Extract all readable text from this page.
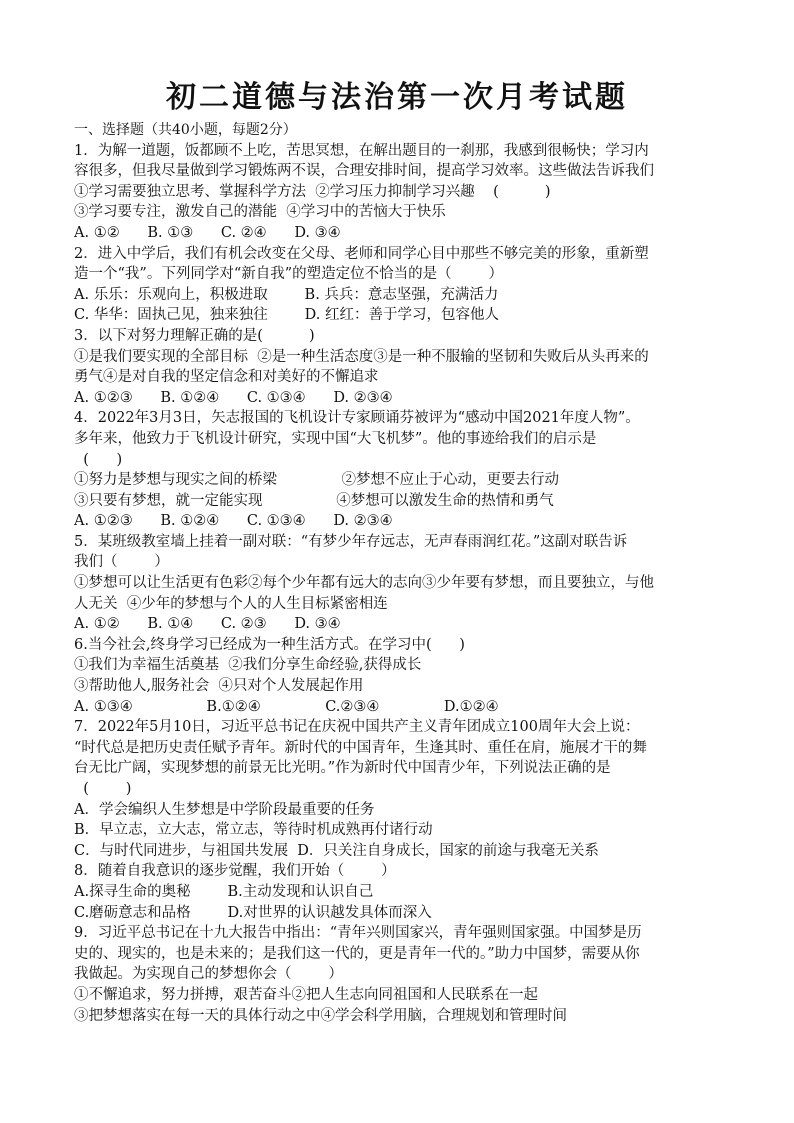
初二道德与法治第一次月考试题
一、选择题（共40小题，每题2分）
1．为解一道题，饭都顾不上吃，苦思冥想，在解出题目的一刹那，我感到很畅快；学习内
容很多，但我尽量做到学习锻炼两不误，合理安排时间，提高学习效率。这些做法告诉我们
①学习需要独立思考、掌握科学方法  ②学习压力抑制学习兴趣    (          )
③学习要专注，激发自己的潜能  ④学习中的苦恼大于快乐
A. ①②      B. ①③      C. ②④      D. ③④
2．进入中学后，我们有机会改变在父母、老师和同学心目中那些不够完美的形象，重新塑
造一个“我”。下列同学对“新自我”的塑造定位不恰当的是（        ）
A. 乐乐：乐观向上，积极进取        B. 兵兵：意志坚强，充满活力
C. 华华：固执己见，独来独往        D. 红红：善于学习，包容他人
3．以下对努力理解正确的是(          )
①是我们要实现的全部目标  ②是一种生活态度③是一种不服输的坚韧和失败后从头再来的
勇气④是对自我的坚定信念和对美好的不懈追求
A. ①②③      B. ①②④      C. ①③④      D. ②③④
4．2022年3月3日，矢志报国的飞机设计专家顾诵芬被评为“感动中国2021年度人物”。
多年来，他致力于飞机设计研究，实现中国“大飞机梦”。他的事迹给我们的启示是
(      )
①努力是梦想与现实之间的桥梁              ②梦想不应止于心动，更要去行动
③只要有梦想，就一定能实现                ④梦想可以激发生命的热情和勇气
A. ①②③      B. ①②④      C. ①③④      D. ②③④
5．某班级教室墙上挂着一副对联：“有梦少年存远志，无声春雨润红花。”这副对联告诉
我们（        ）
①梦想可以让生活更有色彩②每个少年都有远大的志向③少年要有梦想，而且要独立，与他
人无关  ④少年的梦想与个人的人生目标紧密相连
A. ①②      B. ①④      C. ②③      D. ③④
6.当今社会,终身学习已经成为一种生活方式。在学习中(      )
①我们为幸福生活奠基  ②我们分享生命经验,获得成长
③帮助他人,服务社会  ④只对个人发展起作用
A. ①③④                B.①②④              C.②③④              D.①②④
7．2022年5月10日，习近平总书记在庆祝中国共产主义青年团成立100周年大会上说：
“时代总是把历史责任赋予青年。新时代的中国青年，生逢其时、重任在肩，施展才干的舞
台无比广阔，实现梦想的前景无比光明。”作为新时代中国青少年，下列说法正确的是
(        )
A．学会编织人生梦想是中学阶段最重要的任务
B．早立志，立大志，常立志，等待时机成熟再付诸行动
C．与时代同进步，与祖国共发展  D．只关注自身成长，国家的前途与我毫无关系
8．随着自我意识的逐步觉醒，我们开始（        ）
A.探寻生命的奥秘        B.主动发现和认识自己
C.磨砺意志和品格        D.对世界的认识越发具体而深入
9．习近平总书记在十九大报告中指出：“青年兴则国家兴，青年强则国家强。中国梦是历
史的、现实的，也是未来的；是我们这一代的，更是青年一代的。”助力中国梦，需要从你
我做起。为实现自己的梦想你会（        ）
①不懈追求，努力拼搏，艰苦奋斗②把人生志向同祖国和人民联系在一起
③把梦想落实在每一天的具体行动之中④学会科学用脑，合理规划和管理时间
